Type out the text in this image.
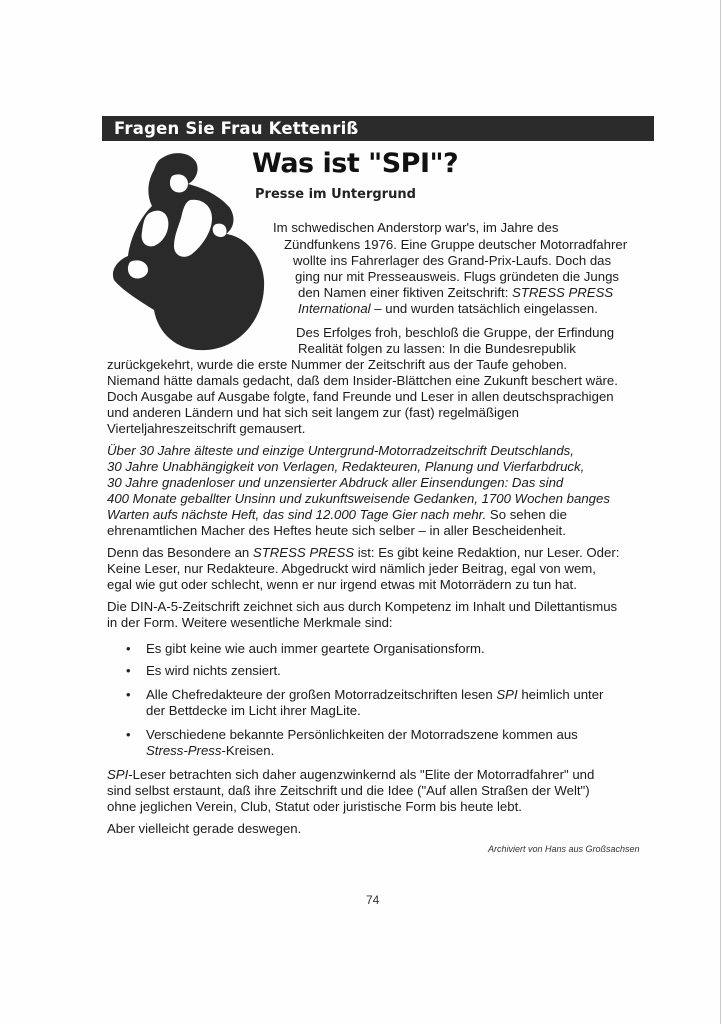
Fragen Sie Frau Kettenriß
Was ist "SPI"?
Presse im Untergrund
Im schwedischen Anderstorp war's, im Jahre des
Zündfunkens 1976. Eine Gruppe deutscher Motorradfahrer
wollte ins Fahrerlager des Grand-Prix-Laufs. Doch das
ging nur mit Presseausweis. Flugs gründeten die Jungs
den Namen einer fiktiven Zeitschrift: STRESS PRESS
International – und wurden tatsächlich eingelassen.
Des Erfolges froh, beschloß die Gruppe, der Erfindung
Realität folgen zu lassen: In die Bundesrepublik
zurückgekehrt, wurde die erste Nummer der Zeitschrift aus der Taufe gehoben.
Niemand hätte damals gedacht, daß dem Insider-Blättchen eine Zukunft beschert wäre.
Doch Ausgabe auf Ausgabe folgte, fand Freunde und Leser in allen deutschsprachigen
und anderen Ländern und hat sich seit langem zur (fast) regelmäßigen
Vierteljahreszeitschrift gemausert.
Über 30 Jahre älteste und einzige Untergrund-Motorradzeitschrift Deutschlands,
30 Jahre Unabhängigkeit von Verlagen, Redakteuren, Planung und Vierfarbdruck,
30 Jahre gnadenloser und unzensierter Abdruck aller Einsendungen: Das sind
400 Monate geballter Unsinn und zukunftsweisende Gedanken, 1700 Wochen banges
Warten aufs nächste Heft, das sind 12.000 Tage Gier nach mehr. So sehen die
ehrenamtlichen Macher des Heftes heute sich selber – in aller Bescheidenheit.
Denn das Besondere an STRESS PRESS ist: Es gibt keine Redaktion, nur Leser. Oder:
Keine Leser, nur Redakteure. Abgedruckt wird nämlich jeder Beitrag, egal von wem,
egal wie gut oder schlecht, wenn er nur irgend etwas mit Motorrädern zu tun hat.
Die DIN-A-5-Zeitschrift zeichnet sich aus durch Kompetenz im Inhalt und Dilettantismus
in der Form. Weitere wesentliche Merkmale sind:
• Es gibt keine wie auch immer geartete Organisationsform.
• Es wird nichts zensiert.
• Alle Chefredakteure der großen Motorradzeitschriften lesen SPI heimlich unter
der Bettdecke im Licht ihrer MagLite.
• Verschiedene bekannte Persönlichkeiten der Motorradszene kommen aus
Stress-Press-Kreisen.
SPI-Leser betrachten sich daher augenzwinkernd als "Elite der Motorradfahrer" und
sind selbst erstaunt, daß ihre Zeitschrift und die Idee ("Auf allen Straßen der Welt")
ohne jeglichen Verein, Club, Statut oder juristische Form bis heute lebt.
Aber vielleicht gerade deswegen.
Archiviert von Hans aus Großsachsen
74
